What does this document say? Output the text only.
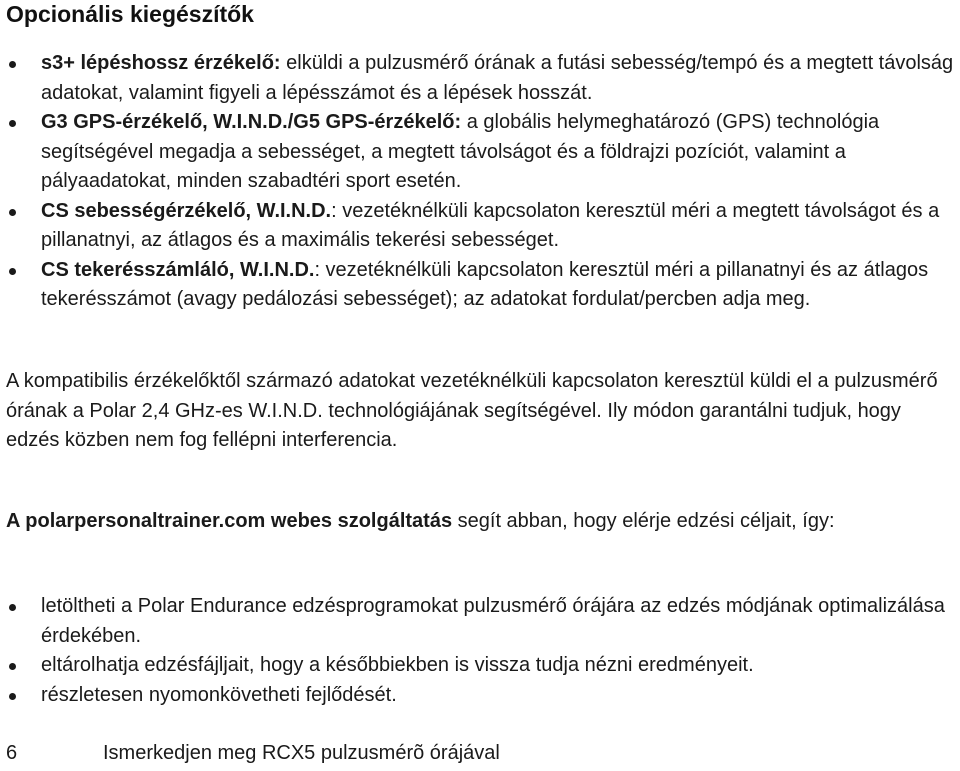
Opcionális kiegészítők
s3+ lépéshossz érzékelő: elküldi a pulzusmérő órának a futási sebesség/tempó és a megtett távolság adatokat, valamint figyeli a lépésszámot és a lépések hosszát.
G3 GPS-érzékelő, W.I.N.D./G5 GPS-érzékelő: a globális helymeghatározó (GPS) technológia segítségével megadja a sebességet, a megtett távolságot és a földrajzi pozíciót, valamint a pályaadatokat, minden szabadtéri sport esetén.
CS sebességérzékelő, W.I.N.D.: vezetéknélküli kapcsolaton keresztül méri a megtett távolságot és a pillanatnyi, az átlagos és a maximális tekerési sebességet.
CS tekerésszámláló, W.I.N.D.: vezetéknélküli kapcsolaton keresztül méri a pillanatnyi és az átlagos tekerésszámot (avagy pedálozási sebességet); az adatokat fordulat/percben adja meg.

A kompatibilis érzékelőktől származó adatokat vezetéknélküli kapcsolaton keresztül küldi el a pulzusmérő órának a Polar 2,4 GHz-es W.I.N.D. technológiájának segítségével. Ily módon garantálni tudjuk, hogy edzés közben nem fog fellépni interferencia.

A polarpersonaltrainer.com webes szolgáltatás segít abban, hogy elérje edzési céljait, így:

letöltheti a Polar Endurance edzésprogramokat pulzusmérő órájára az edzés módjának optimalizálása érdekében.
eltárolhatja edzésfájljait, hogy a későbbiekben is vissza tudja nézni eredményeit.
részletesen nyomonkövetheti fejlődését.
6	Ismerkedjen meg RCX5 pulzusmérõ órájával
